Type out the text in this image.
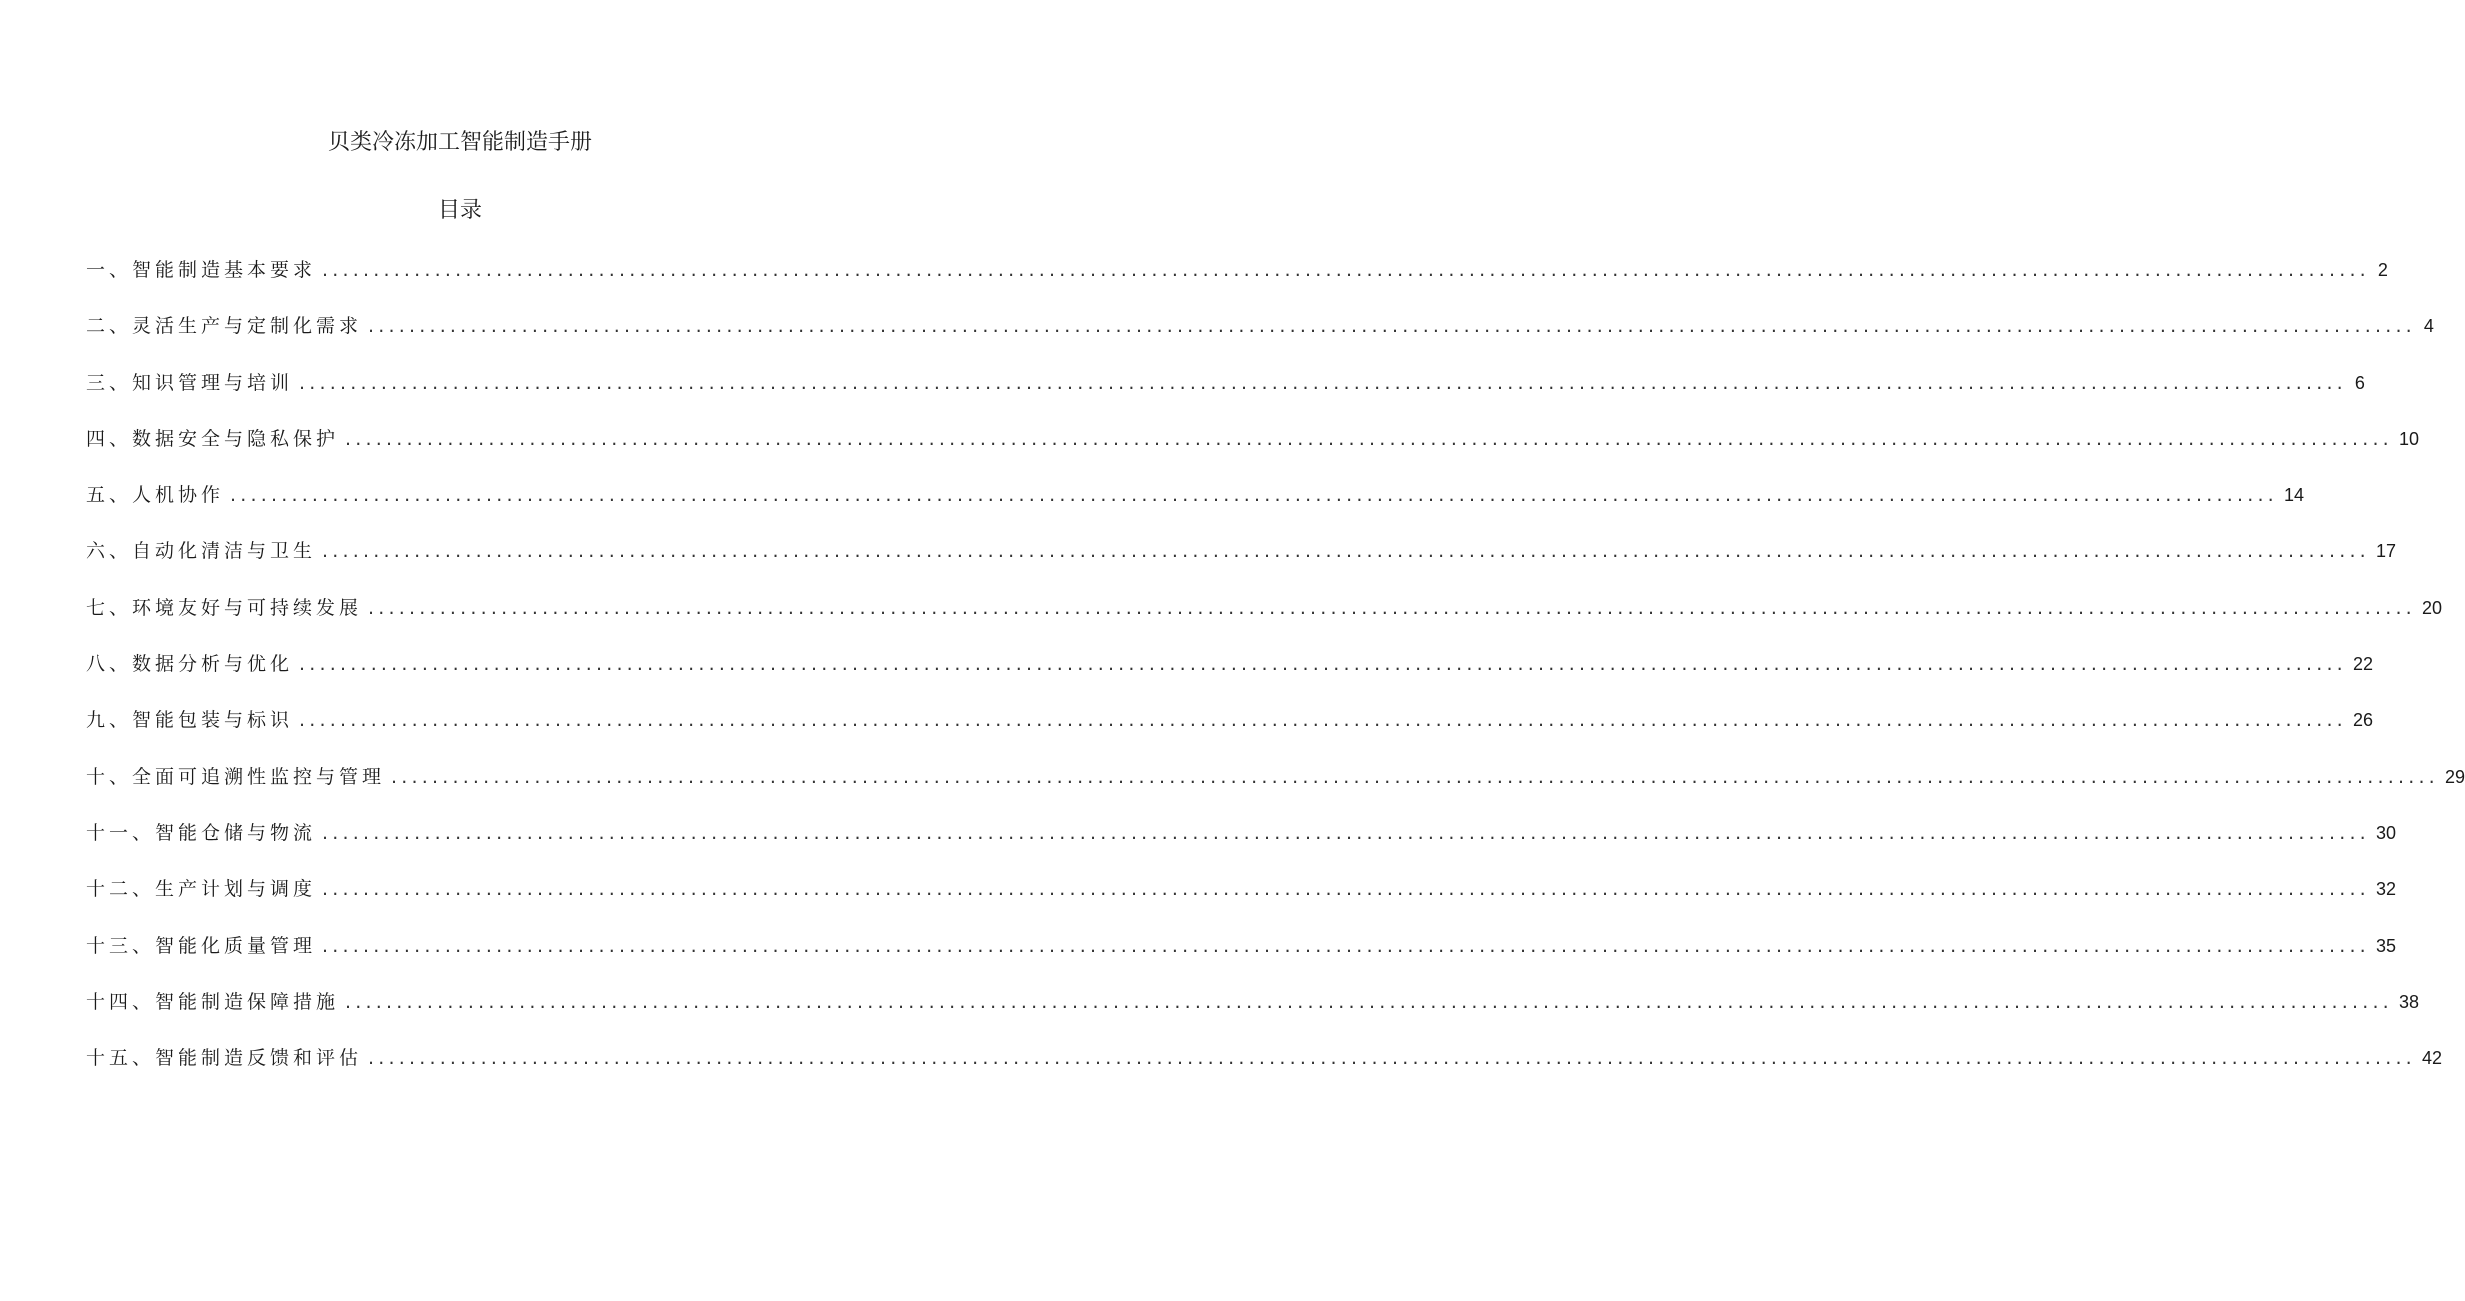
贝类冷冻加工智能制造手册
目录
一、智能制造基本要求 ........................................................................................................................................................................................................ 2
二、灵活生产与定制化需求 ........................................................................................................................................................................................................ 4
三、知识管理与培训 ........................................................................................................................................................................................................ 6
四、数据安全与隐私保护 ........................................................................................................................................................................................................ 10
五、人机协作 ........................................................................................................................................................................................................ 14
六、自动化清洁与卫生 ........................................................................................................................................................................................................ 17
七、环境友好与可持续发展 ........................................................................................................................................................................................................ 20
八、数据分析与优化 ........................................................................................................................................................................................................ 22
九、智能包装与标识 ........................................................................................................................................................................................................ 26
十、全面可追溯性监控与管理 ........................................................................................................................................................................................................ 29
十一、智能仓储与物流 ........................................................................................................................................................................................................ 30
十二、生产计划与调度 ........................................................................................................................................................................................................ 32
十三、智能化质量管理 ........................................................................................................................................................................................................ 35
十四、智能制造保障措施 ........................................................................................................................................................................................................ 38
十五、智能制造反馈和评估 ........................................................................................................................................................................................................ 42
